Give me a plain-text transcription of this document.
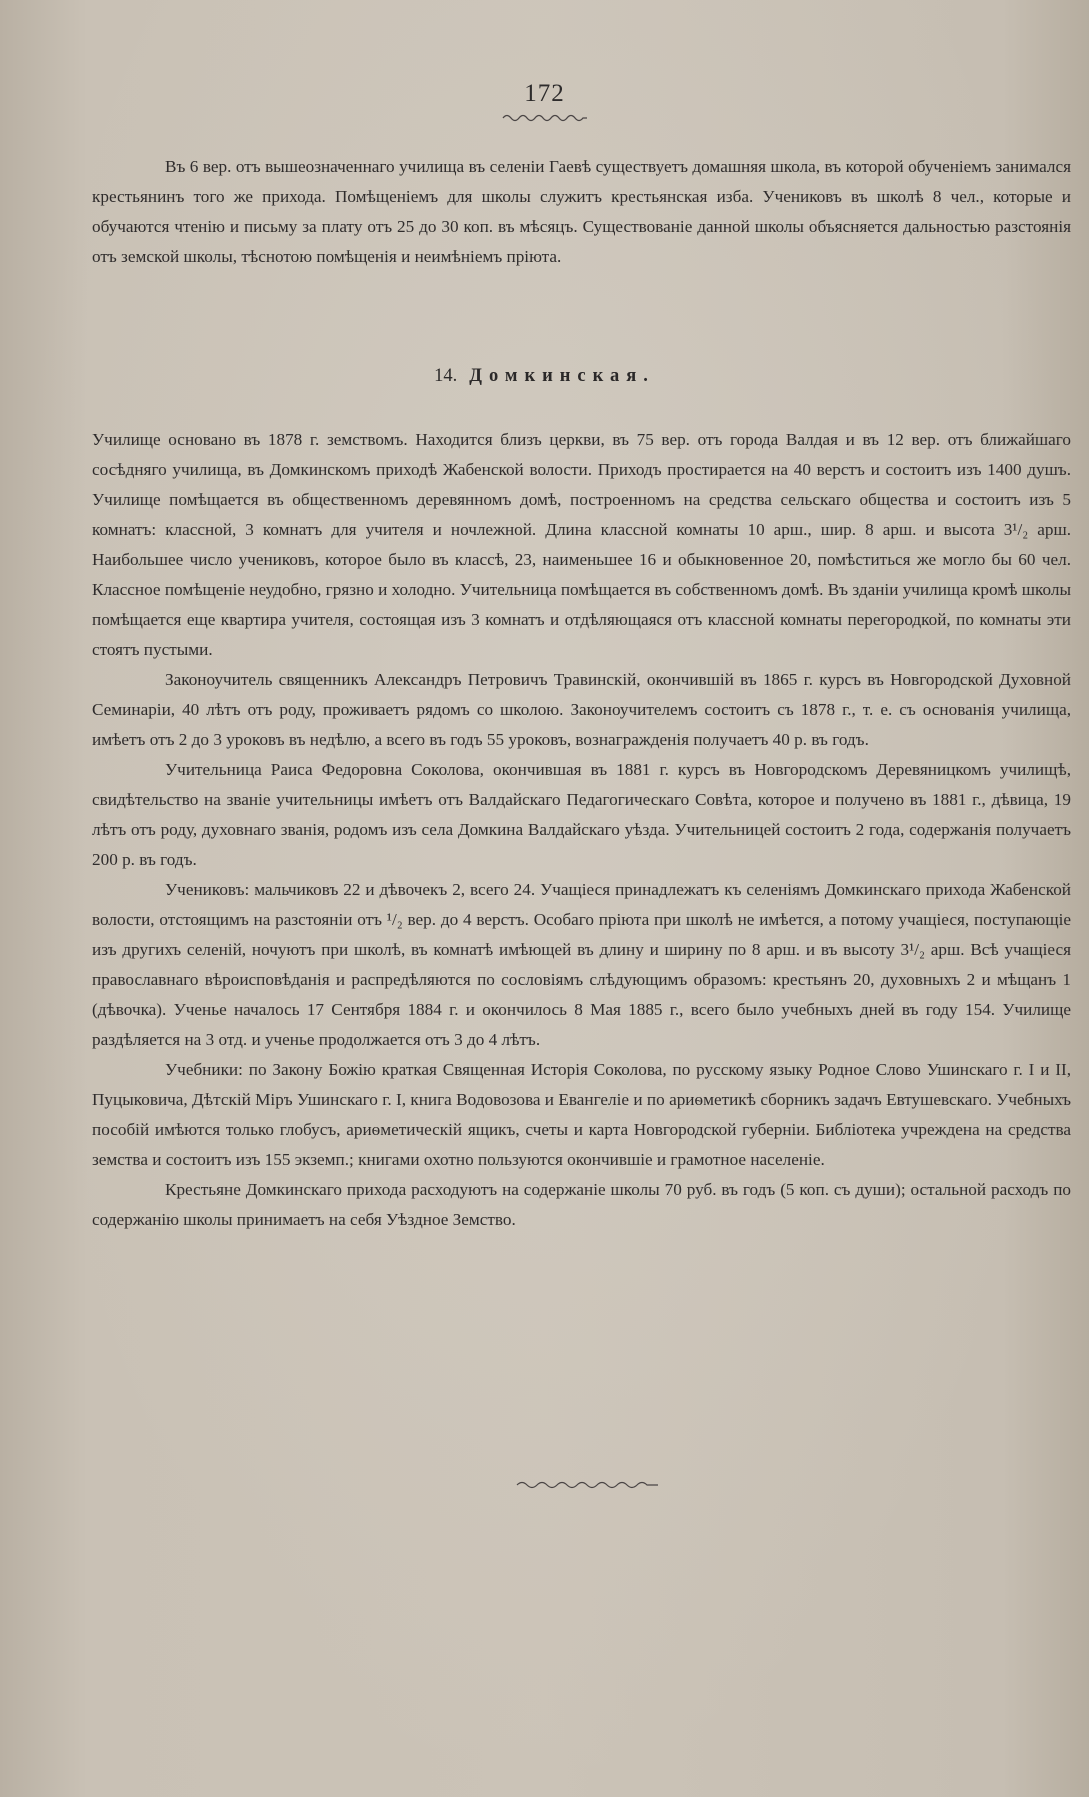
172

Въ 6 вер. отъ вышеозначеннаго училища въ селеніи Гаевѣ существуетъ домашняя школа, въ которой обученіемъ занимался крестьянинъ того же прихода. Помѣщеніемъ для школы служитъ крестьянская изба. Учениковъ въ школѣ 8 чел., которые и обучаются чтенію и письму за плату отъ 25 до 30 коп. въ мѣсяцъ. Существованіе данной школы объясняется дальностью разстоянія отъ земской школы, тѣснотою помѣщенія и неимѣніемъ пріюта.

14. Домкинская.

Училище основано въ 1878 г. земствомъ. Находится близъ церкви, въ 75 вер. отъ города Валдая и въ 12 вер. отъ ближайшаго сосѣдняго училища, въ Домкинскомъ приходѣ Жабенской волости. Приходъ простирается на 40 верстъ и состоитъ изъ 1400 душъ. Училище помѣщается въ общественномъ деревянномъ домѣ, построенномъ на средства сельскаго общества и состоитъ изъ 5 комнатъ: классной, 3 комнатъ для учителя и ночлежной. Длина классной комнаты 10 арш., шир. 8 арш. и высота 3¹/₂ арш. Наибольшее число учениковъ, которое было въ классѣ, 23, наименьшее 16 и обыкновенное 20, помѣститься же могло бы 60 чел. Классное помѣщеніе неудобно, грязно и холодно. Учительница помѣщается въ собственномъ домѣ. Въ зданіи училища кромѣ школы помѣщается еще квартира учителя, состоящая изъ 3 комнатъ и отдѣляющаяся отъ классной комнаты перегородкой, по комнаты эти стоятъ пустыми.

Законоучитель священникъ Александръ Петровичъ Травинскій, окончившій въ 1865 г. курсъ въ Новгородской Духовной Семинаріи, 40 лѣтъ отъ роду, проживаетъ рядомъ со школою. Законоучителемъ состоитъ съ 1878 г., т. е. съ основанія училища, имѣетъ отъ 2 до 3 уроковъ въ недѣлю, а всего въ годъ 55 уроковъ, вознагражденія получаетъ 40 р. въ годъ.

Учительница Раиса Федоровна Соколова, окончившая въ 1881 г. курсъ въ Новгородскомъ Деревяницкомъ училищѣ, свидѣтельство на званіе учительницы имѣетъ отъ Валдайскаго Педагогическаго Совѣта, которое и получено въ 1881 г., дѣвица, 19 лѣтъ отъ роду, духовнаго званія, родомъ изъ села Домкина Валдайскаго уѣзда. Учительницей состоитъ 2 года, содержанія получаетъ 200 р. въ годъ.

Учениковъ: мальчиковъ 22 и дѣвочекъ 2, всего 24. Учащіеся принадлежатъ къ селеніямъ Домкинскаго прихода Жабенской волости, отстоящимъ на разстояніи отъ ¹/₂ вер. до 4 верстъ. Особаго пріюта при школѣ не имѣется, а потому учащіеся, поступающіе изъ другихъ селеній, ночуютъ при школѣ, въ комнатѣ имѣющей въ длину и ширину по 8 арш. и въ высоту 3¹/₂ арш. Всѣ учащіеся православнаго вѣроисповѣданія и распредѣляются по сословіямъ слѣдующимъ образомъ: крестьянъ 20, духовныхъ 2 и мѣщанъ 1 (дѣвочка). Ученье началось 17 Сентября 1884 г. и окончилось 8 Мая 1885 г., всего было учебныхъ дней въ году 154. Училище раздѣляется на 3 отд. и ученье продолжается отъ 3 до 4 лѣтъ.

Учебники: по Закону Божію краткая Священная Исторія Соколова, по русскому языку Родное Слово Ушинскаго г. I и II, Пуцыковича, Дѣтскій Міръ Ушинскаго г. I, книга Водовозова и Евангеліе и по ариѳметикѣ сборникъ задачъ Евтушевскаго. Учебныхъ пособій имѣются только глобусъ, ариѳметическій ящикъ, счеты и карта Новгородской губерніи. Библіотека учреждена на средства земства и состоитъ изъ 155 экземп.; книгами охотно пользуются окончившіе и грамотное населеніе.

Крестьяне Домкинскаго прихода расходуютъ на содержаніе школы 70 руб. въ годъ (5 коп. съ души); остальной расходъ по содержанію школы принимаетъ на себя Уѣздное Земство.
